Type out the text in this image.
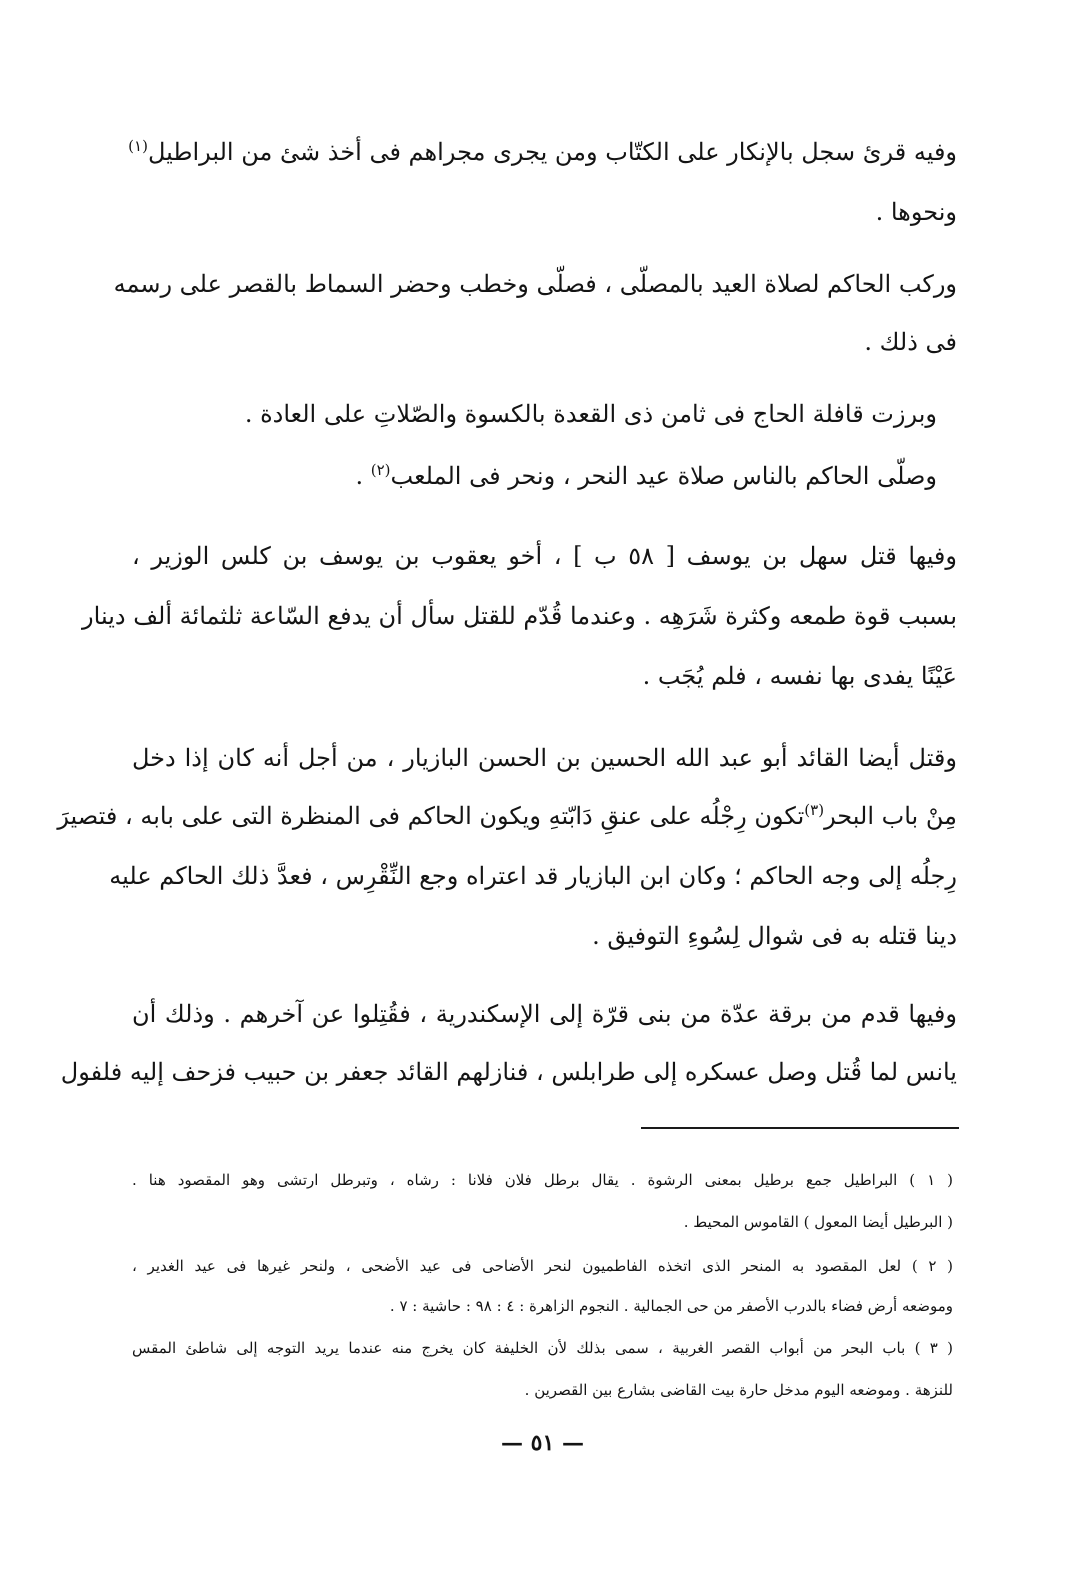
وفيه قرئ سجل بالإنكار على الكتّاب ومن يجرى مجراهم فى أخذ شئ من البراطيل$^{(١)}$
ونحوها .
وركب الحاكم لصلاة العيد بالمصلّى ، فصلّى وخطب وحضر السماط بالقصر على رسمه
فى ذلك .
وبرزت قافلة الحاج فى ثامن ذى القعدة بالكسوة والصّلاتِ على العادة .
وصلّى الحاكم بالناس صلاة عيد النحر ، ونحر فى الملعب$^{(٢)}$ .
وفيها قتل سهل بن يوسف [ ٥٨ ب ] ، أخو يعقوب بن يوسف بن كلس الوزير ،
بسبب قوة طمعه وكثرة شَرَهِه . وعندما قُدّم للقتل سأل أن يدفع السّاعة ثلثمائة ألف دينار
عَيْنًا يفدى بها نفسه ، فلم يُجَب .
وقتل أيضا القائد أبو عبد الله الحسين بن الحسن البازيار ، من أجل أنه كان إذا دخل
مِنْ باب البحر$^{(٣)}$تكون رِجْلُه على عنقِ دَابّتهِ ويكون الحاكم فى المنظرة التى على بابه ، فتصيرَ
رِجلُه إلى وجه الحاكم ؛ وكان ابن البازيار قد اعتراه وجع النِّقْرِس ، فعدَّ ذلك الحاكم عليه
دينا قتله به فى شوال لِسُوءِ التوفيق .
وفيها قدم من برقة عدّة من بنى قرّة إلى الإسكندرية ، فقُتِلوا عن آخرهم . وذلك أن
يانس لما قُتل وصل عسكره إلى طرابلس ، فنازلهم القائد جعفر بن حبيب فزحف إليه فلفول
( ١ ) البراطيل جمع برطيل بمعنى الرشوة . يقال برطل فلان فلانا : رشاه ، وتبرطل ارتشى وهو المقصود هنا .
( البرطيل أيضا المعول ) القاموس المحيط .
( ٢ ) لعل المقصود به المنحر الذى اتخذه الفاطميون لنحر الأضاحى فى عيد الأضحى ، ولنحر غيرها فى عيد الغدير ،
وموضعه أرض فضاء بالدرب الأصفر من حى الجمالية . النجوم الزاهرة : ٤ : ٩٨ : حاشية : ٧ .
( ٣ ) باب البحر من أبواب القصر الغربية ، سمى بذلك لأن الخليفة كان يخرج منه عندما يريد التوجه إلى شاطئ المقس
للنزهة . وموضعه اليوم مدخل حارة بيت القاضى بشارع بين القصرين .
— ٥١ —
